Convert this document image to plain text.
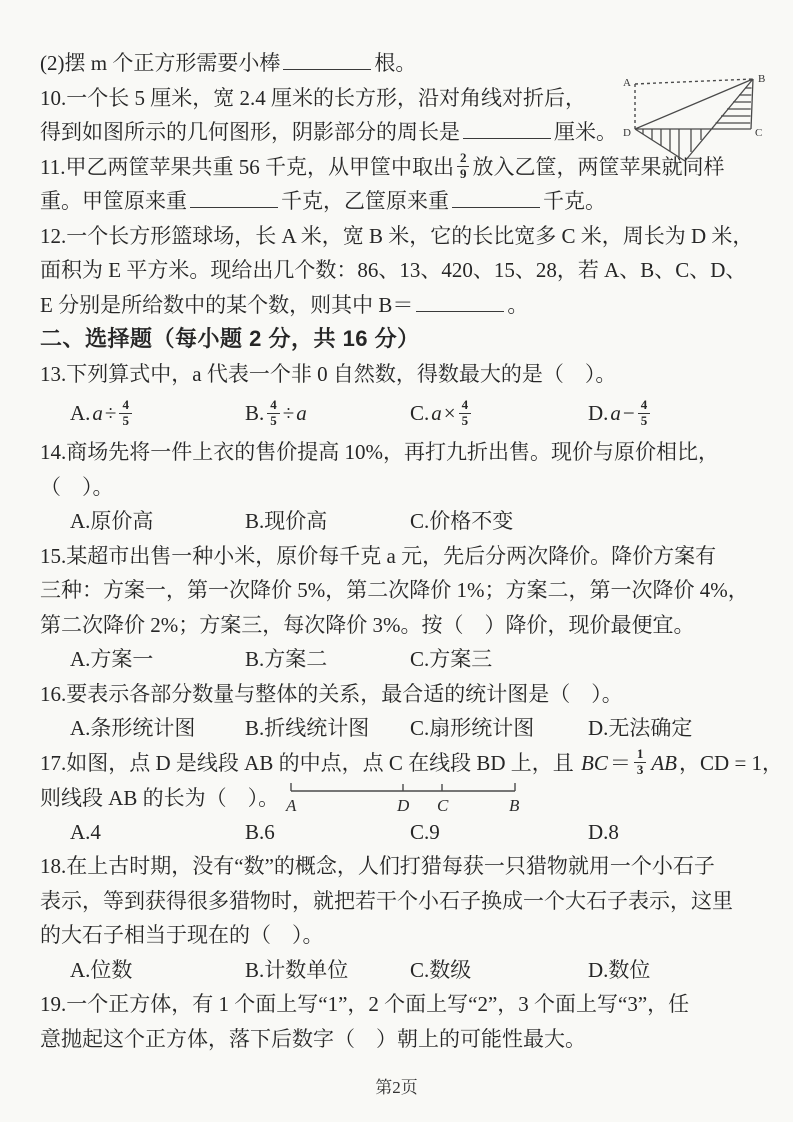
A	B
C
D
(2)摆 m 个正方形需要小棒	根。
10.一个长 5 厘米，宽 2.4 厘米的长方形，沿对角线对折后，
得到如图所示的几何图形，阴影部分的周长是	厘米。
11.甲乙两筐苹果共重 56 千克，从甲筐中取出 $\frac{2}{9}$ 放入乙筐，两筐苹果就同样
重。甲筐原来重	千克，乙筐原来重	千克。
12.一个长方形篮球场，长 A 米，宽 B 米，它的长比宽多 C 米，周长为 D 米，
面积为 E 平方米。现给出几个数：86、13、420、15、28，若 A、B、C、D、
E 分别是所给数中的某个数，则其中 B＝	。
二、选择题（每小题 2 分，共 16 分）
13.下列算式中，a 代表一个非 0 自然数，得数最大的是（　）。
$A.a\div \frac{4}{5}$	B. $\frac{4}{5} \div a$	$C.a\times \frac{4}{5}$	$D.a- \frac{4}{5}$
14.商场先将一件上衣的售价提高 10%，再打九折出售。现价与原价相比，
（　）。
A.原价高	B.现价高	C.价格不变
15.某超市出售一种小米，原价每千克 a 元，先后分两次降价。降价方案有
三种：方案一，第一次降价 5%，第二次降价 1%；方案二，第一次降价 4%，
第二次降价 2%；方案三，每次降价 3%。按（　）降价，现价最便宜。
A.方案一	B.方案二	C.方案三
16.要表示各部分数量与整体的关系，最合适的统计图是（　）。
A.条形统计图	B.折线统计图	C.扇形统计图	D.无法确定
17.如图，点 D 是线段 AB 的中点，点 C 在线段 BD 上，且 $BC= \frac{1}{3}$ AB，CD = 1，
则线段 AB 的长为（　）。 A	D C	B
A.4	B.6	C.9	D.8
18.在上古时期，没有“数”的概念，人们打猎每获一只猎物就用一个小石子
表示，等到获得很多猎物时，就把若干个小石子换成一个大石子表示，这里
的大石子相当于现在的（　）。
A.位数	B.计数单位	C.数级	D.数位
19.一个正方体，有 1 个面上写“1”，2 个面上写“2”，3 个面上写“3”，任
意抛起这个正方体，落下后数字（　）朝上的可能性最大。
第2页
